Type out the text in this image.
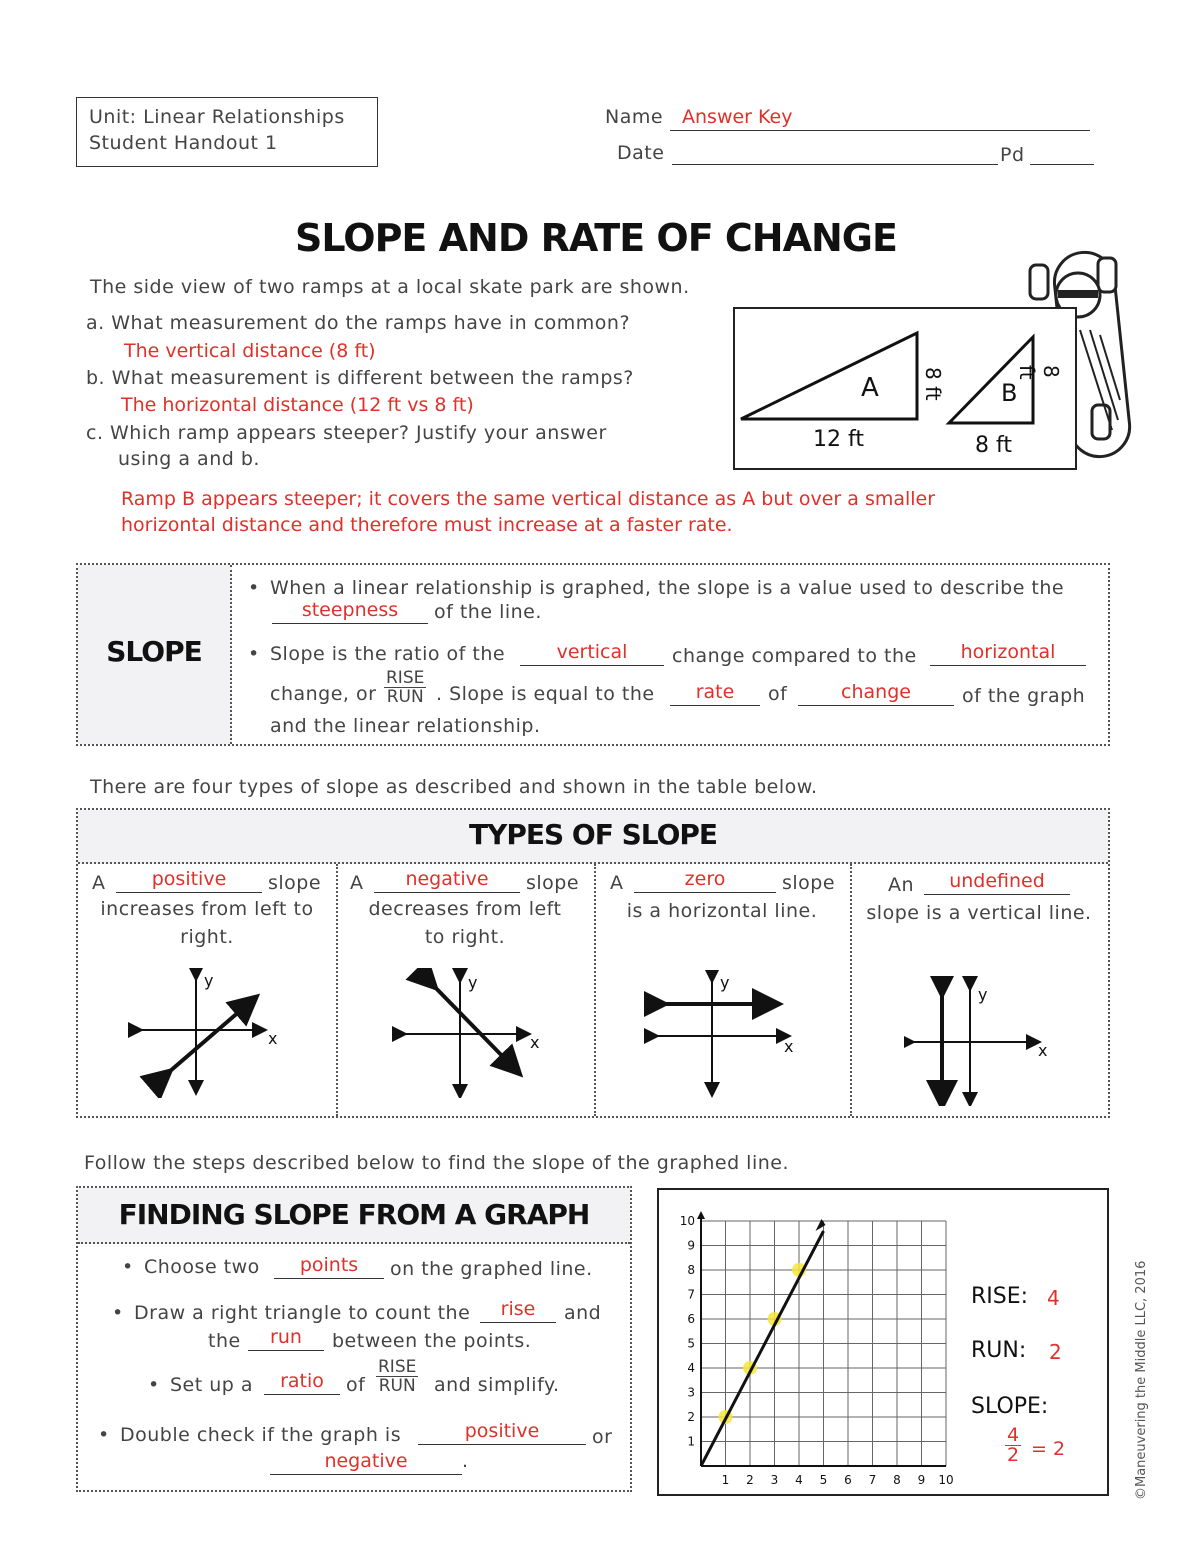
Unit: Linear Relationships
Student Handout 1
Name Answer Key
Date	Pd
SLOPE AND RATE OF CHANGE
The side view of two ramps at a local skate park are shown.
a. What measurement do the ramps have in common?
The vertical distance (8 ft)
b. What measurement is different between the ramps?
The horizontal distance (12 ft vs 8 ft)
c. Which ramp appears steeper? Justify your answer
using a and b.
Ramp B appears steeper; it covers the same vertical distance as A but over a smaller
horizontal distance and therefore must increase at a faster rate.
A
12 ft
8 ft B
8 ft
8 ft
SLOPE
• When a linear relationship is graphed, the slope is a value used to describe the
steepness	of the line.
• Slope is the ratio of the	vertical	change compared to the	horizontal
change, or
RISE
RUN . Slope is equal to the	rate	of	change	of the graph
and the linear relationship.
There are four types of slope as described and shown in the table below.
TYPES OF SLOPE
A	positive	slope
increases from left to
right.
A	negative	slope
decreases from left
to right.
A	zero	slope
is a horizontal line.
An	undefined
slope is a vertical line.
x
y
x
y
x
y
x
y
Follow the steps described below to find the slope of the graphed line.
FINDING SLOPE FROM A GRAPH
• Choose two	points	on the graphed line.
• Draw a right triangle to count the	rise	and
the	run	between the points.
• Set up a	ratio	of
RISE
RUN and simplify.
• Double check if the graph is	positive	or
negative	.
1 2 3 4 5 6 7 8 9 10
1
2
3
4
5
6
7
8
9
10
RISE: 4
RUN: 2
SLOPE:
$\frac{4}{2} = 2$	©Maneuvering the Middle LLC, 2016
